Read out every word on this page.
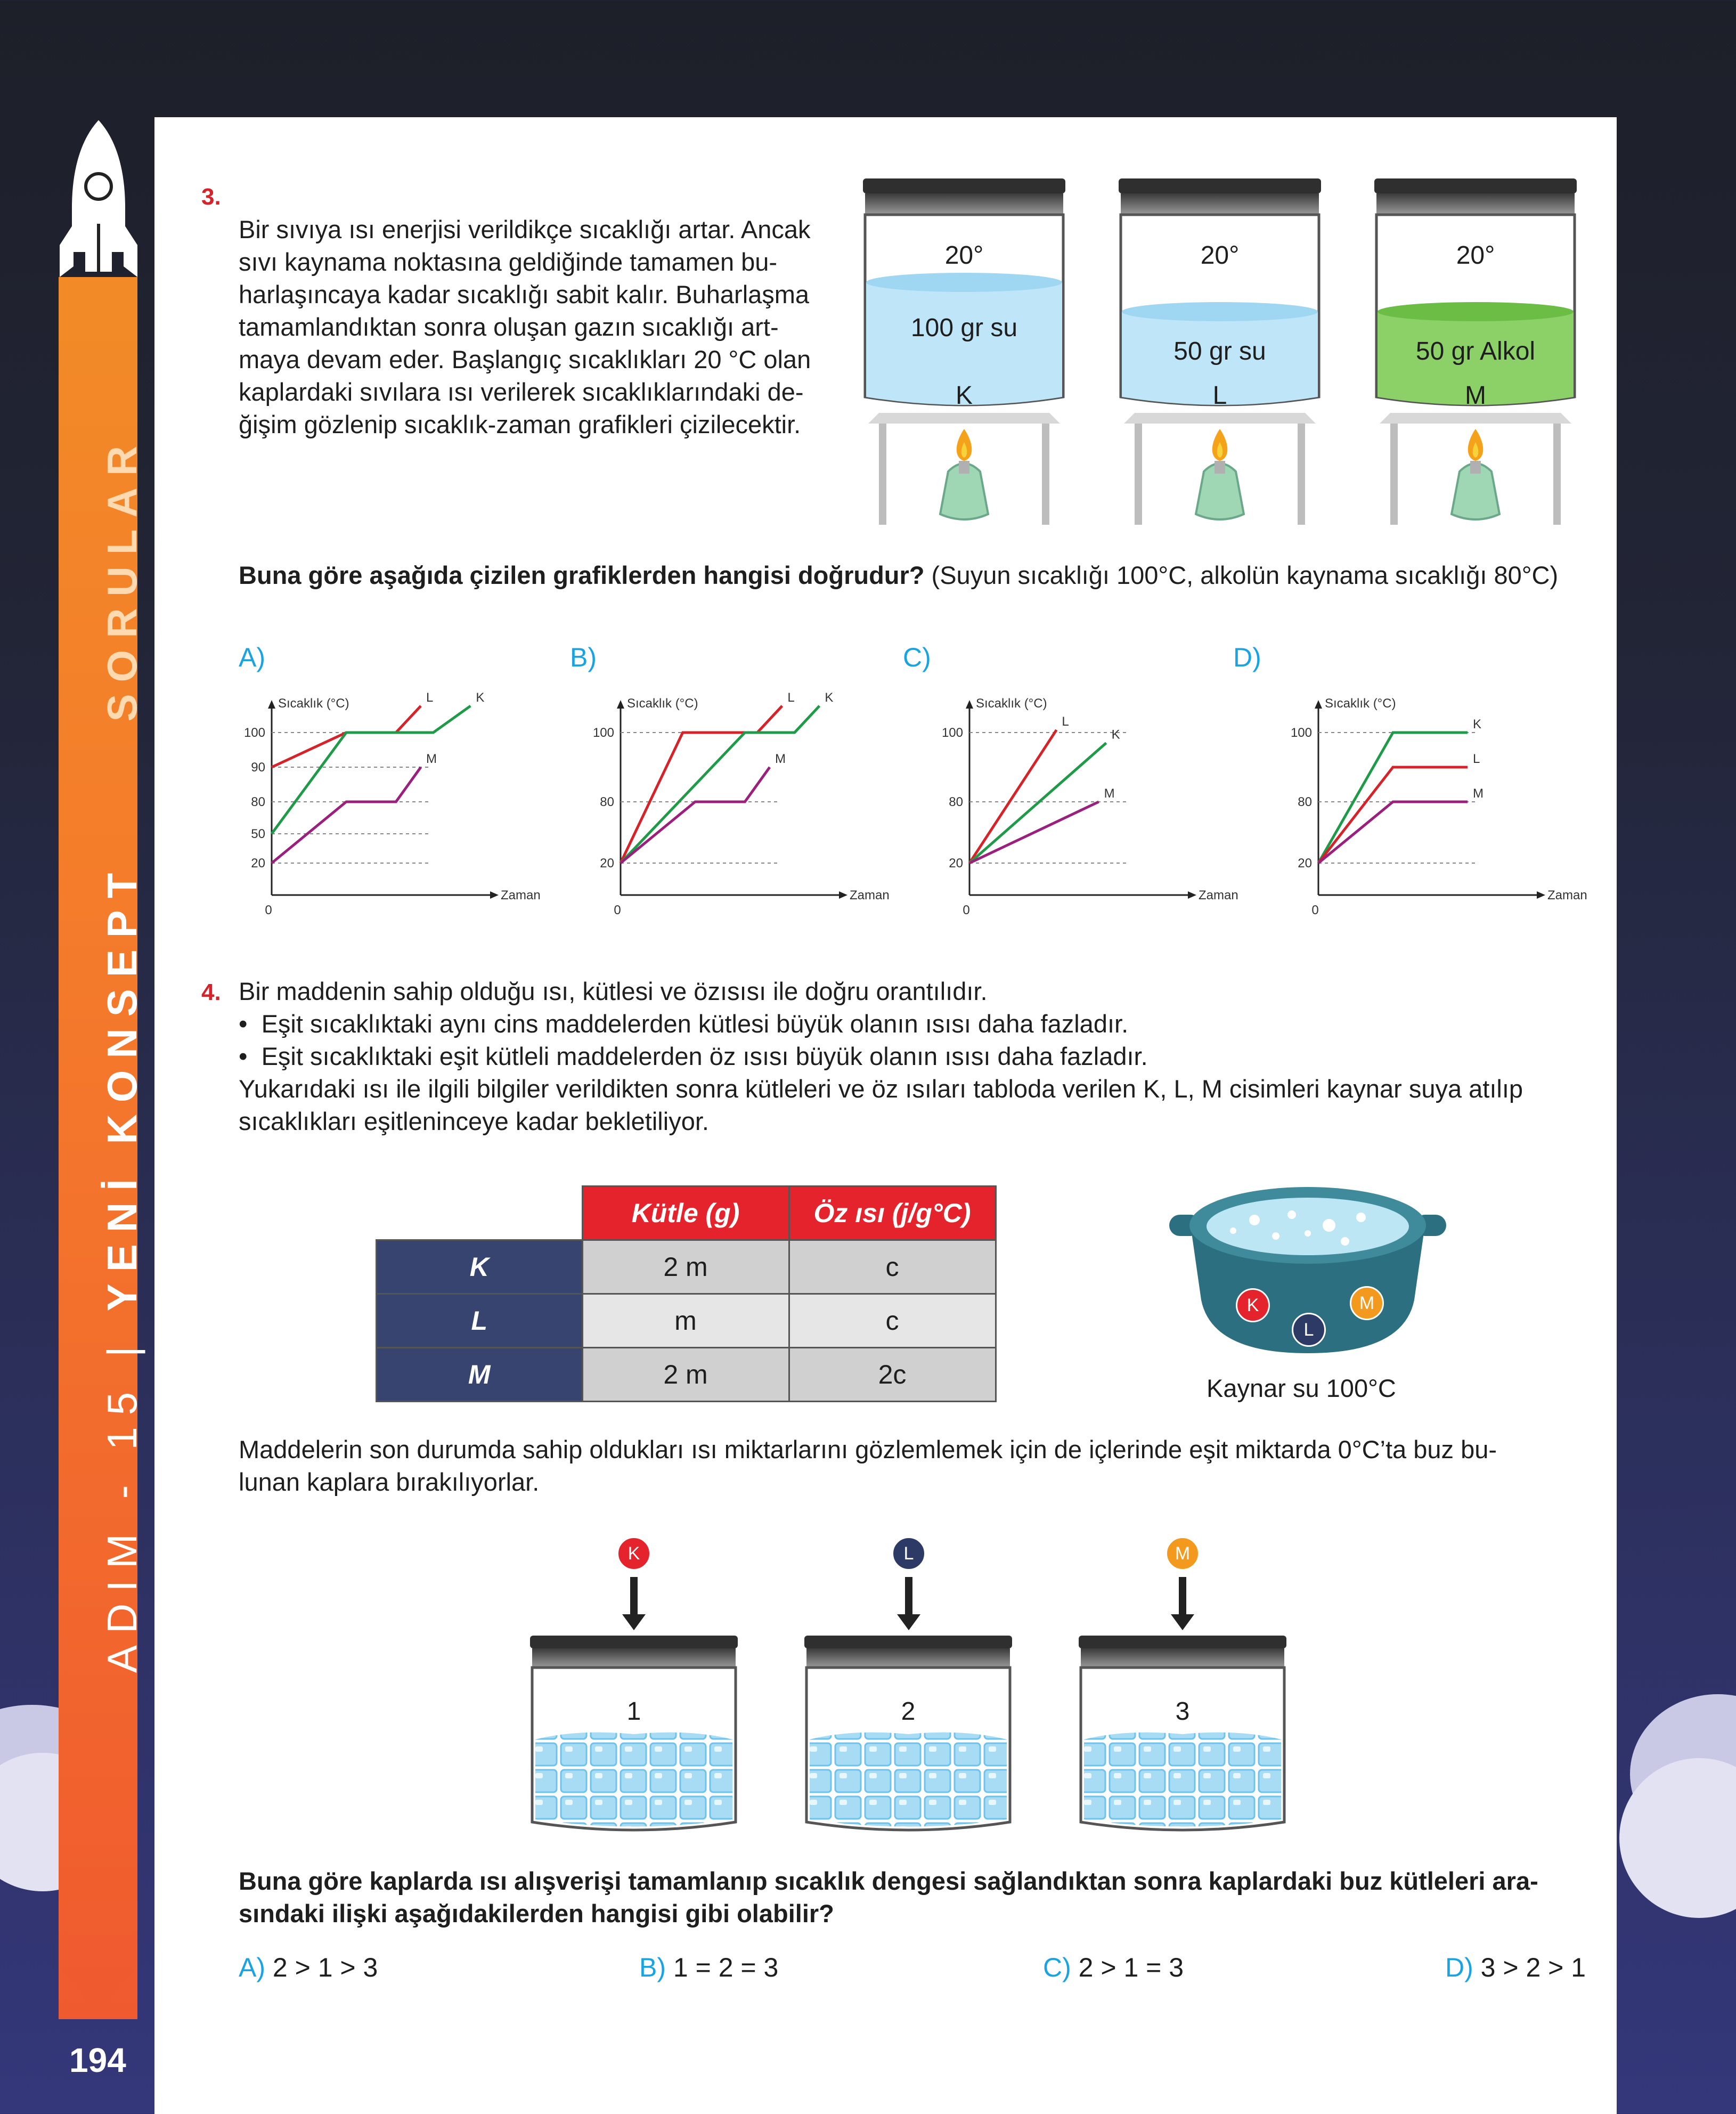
ADIM - 15 | YENİ KONSEPT      SORULAR
194
3.
Bir sıvıya ısı enerjisi verildikçe sıcaklığı artar. Ancak
sıvı kaynama noktasına geldiğinde tamamen bu-
harlaşıncaya kadar sıcaklığı sabit kalır. Buharlaşma
tamamlandıktan sonra oluşan gazın sıcaklığı art-
maya devam eder. Başlangıç sıcaklıkları 20 °C olan
kaplardaki sıvılara ısı verilerek sıcaklıklarındaki de-
ğişim gözlenip sıcaklık-zaman grafikleri çizilecektir.
20°
100 gr su
K
20°
50 gr su
L
20°
50 gr Alkol
M
Buna göre aşağıda çizilen grafiklerden hangisi doğrudur? (Suyun sıcaklığı 100°C, alkolün kaynama sıcaklığı 80°C)
A)	B)	C)	D)
Sıcaklık (°C)
Zaman
0
100
90
80
50
20
L	K
M
Sıcaklık (°C)
Zaman
0
100
80
20
L K
M
Sıcaklık (°C)
Zaman
0
100
80
20
L
K
M
Sıcaklık (°C)
Zaman
0
100
80
20
K
L
M
4. Bir maddenin sahip olduğu ısı, kütlesi ve özısısı ile doğru orantılıdır.
•  Eşit sıcaklıktaki aynı cins maddelerden kütlesi büyük olanın ısısı daha fazladır.
•  Eşit sıcaklıktaki eşit kütleli maddelerden öz ısısı büyük olanın ısısı daha fazladır.
Yukarıdaki ısı ile ilgili bilgiler verildikten sonra kütleleri ve öz ısıları tabloda verilen K, L, M cisimleri kaynar suya atılıp
sıcaklıkları eşitleninceye kadar bekletiliyor.
	Kütle (g)	Öz ısı (j/g°C)
K	2 m	c
L	m	c
M	2 m	2c
K
L
M
Kaynar su 100°C
Maddelerin son durumda sahip oldukları ısı miktarlarını gözlemlemek için de içlerinde eşit miktarda 0°C’ta buz bu-
lunan kaplara bırakılıyorlar.
K	L	M
1	2	3
Buna göre kaplarda ısı alışverişi tamamlanıp sıcaklık dengesi sağlandıktan sonra kaplardaki buz kütleleri ara-
sındaki ilişki aşağıdakilerden hangisi gibi olabilir?
A) 2 > 1 > 3	B) 1 = 2 = 3	C) 2 > 1 = 3	D) 3 > 2 > 1
